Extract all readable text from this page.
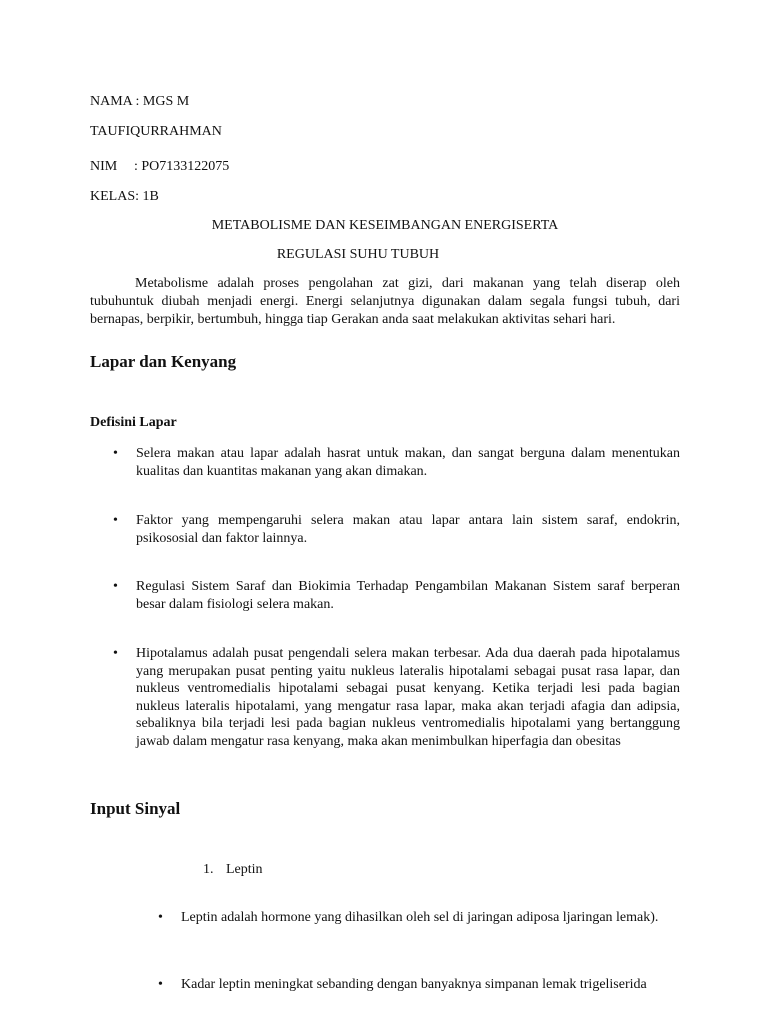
NAMA : MGS M
TAUFIQURRAHMAN
NIM : PO7133122075
KELAS: 1B
METABOLISME DAN KESEIMBANGAN ENERGISERTA
REGULASI SUHU TUBUH
Metabolisme adalah proses pengolahan zat gizi, dari makanan yang telah diserap oleh tubuhuntuk diubah menjadi energi. Energi selanjutnya digunakan dalam segala fungsi tubuh, dari bernapas, berpikir, bertumbuh, hingga tiap Gerakan anda saat melakukan aktivitas sehari hari.
Lapar dan Kenyang
Defisini Lapar
• Selera makan atau lapar adalah hasrat untuk makan, dan sangat berguna dalam menentukan kualitas dan kuantitas makanan yang akan dimakan.
• Faktor yang mempengaruhi selera makan atau lapar antara lain sistem saraf, endokrin, psikososial dan faktor lainnya.
• Regulasi Sistem Saraf dan Biokimia Terhadap Pengambilan Makanan Sistem saraf berperan besar dalam fisiologi selera makan.
• Hipotalamus adalah pusat pengendali selera makan terbesar. Ada dua daerah pada hipotalamus yang merupakan pusat penting yaitu nukleus lateralis hipotalami sebagai pusat rasa lapar, dan nukleus ventromedialis hipotalami sebagai pusat kenyang. Ketika terjadi lesi pada bagian nukleus lateralis hipotalami, yang mengatur rasa lapar, maka akan terjadi afagia dan adipsia, sebaliknya bila terjadi lesi pada bagian nukleus ventromedialis hipotalami yang bertanggung jawab dalam mengatur rasa kenyang, maka akan menimbulkan hiperfagia dan obesitas
Input Sinyal
1. Leptin
• Leptin adalah hormone yang dihasilkan oleh sel di jaringan adiposa ljaringan lemak).
• Kadar leptin meningkat sebanding dengan banyaknya simpanan lemak trigeliserida
